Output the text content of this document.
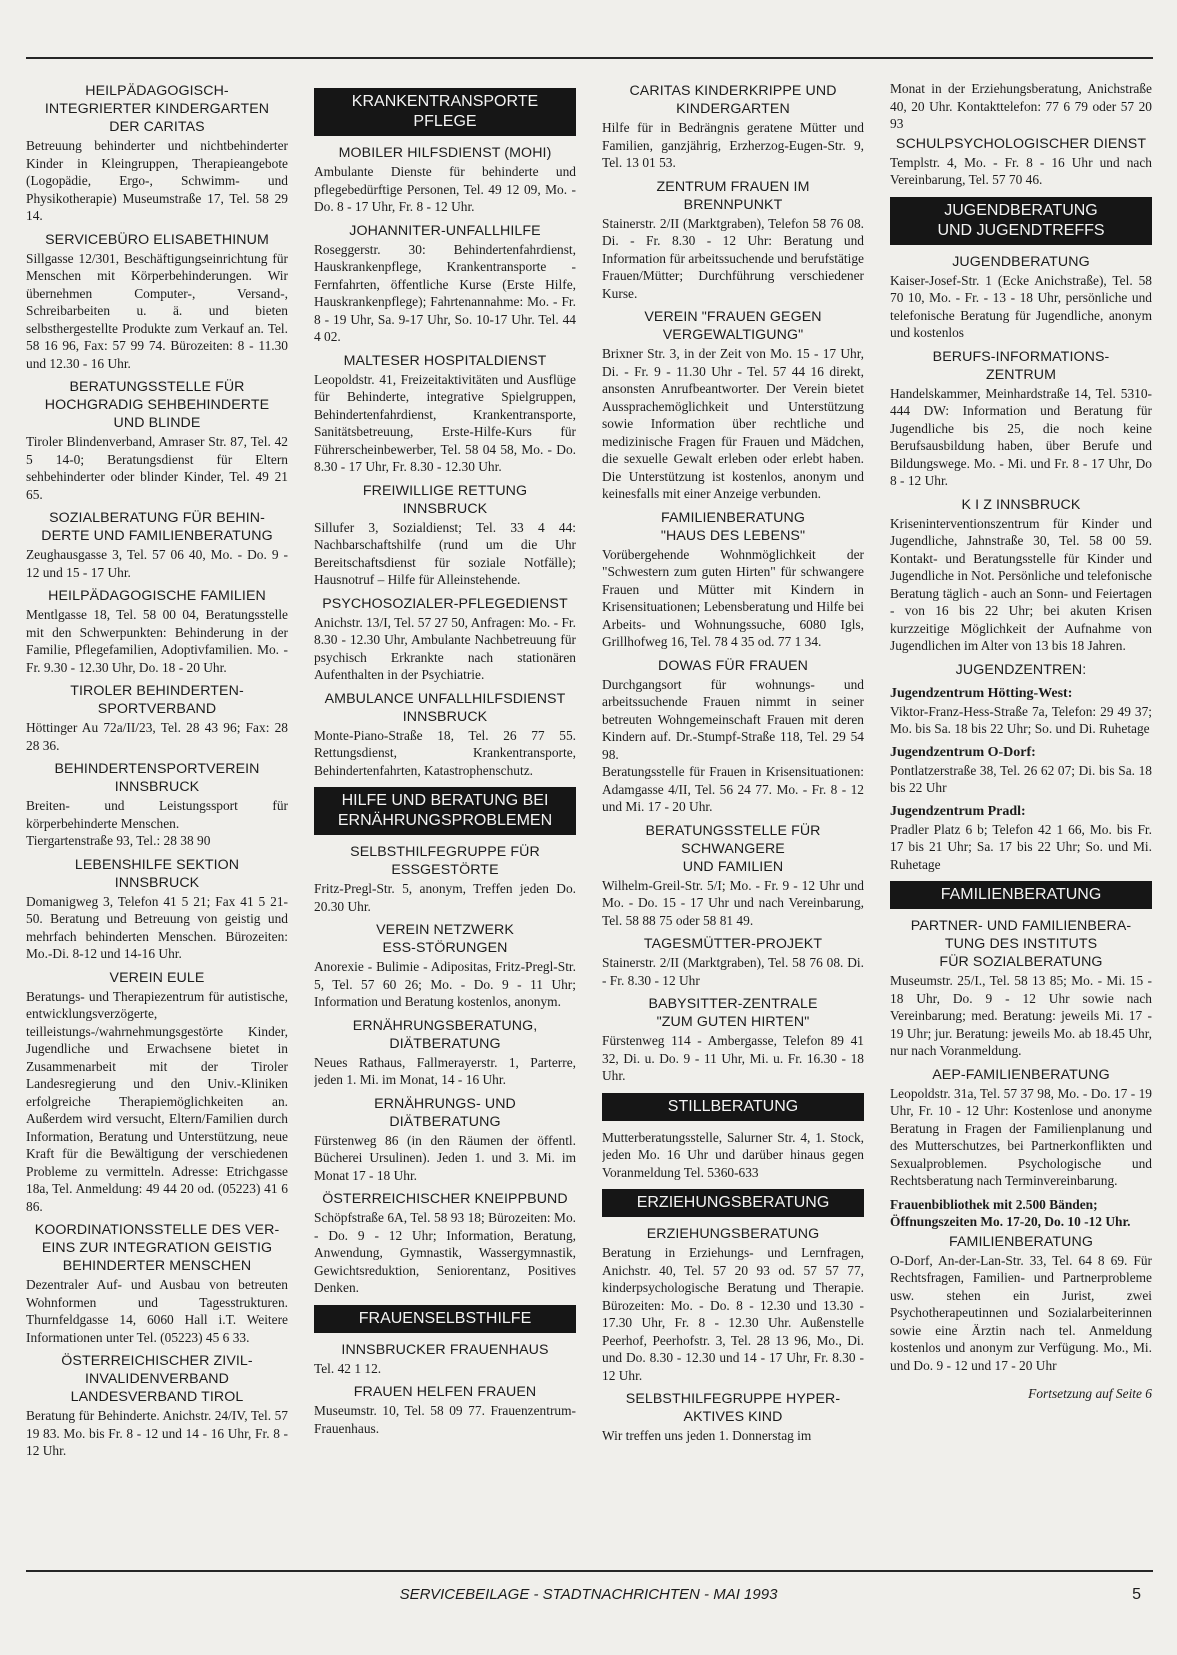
HEILPÄDAGOGISCH-
INTEGRIERTER KINDERGARTEN
DER CARITAS

Betreuung behinderter und nichtbehinderter Kinder in Kleingruppen, Therapieangebote (Logopädie, Ergo-, Schwimm- und Physikotherapie) Museumstraße 17, Tel. 58 29 14.

SERVICEBÜRO ELISABETHINUM

Sillgasse 12/301, Beschäftigungseinrichtung für Menschen mit Körperbehinderungen. Wir übernehmen Computer-, Versand-, Schreibarbeiten u. ä. und bieten selbsthergestellte Produkte zum Verkauf an. Tel. 58 16 96, Fax: 57 99 74. Bürozeiten: 8 - 11.30 und 12.30 - 16 Uhr.

BERATUNGSSTELLE FÜR
HOCHGRADIG SEHBEHINDERTE
UND BLINDE

Tiroler Blindenverband, Amraser Str. 87, Tel. 42 5 14-0; Beratungsdienst für Eltern sehbehinderter oder blinder Kinder, Tel. 49 21 65.

SOZIALBERATUNG FÜR BEHIN-
DERTE UND FAMILIENBERATUNG

Zeughausgasse 3, Tel. 57 06 40, Mo. - Do. 9 - 12 und 15 - 17 Uhr.

HEILPÄDAGOGISCHE FAMILIEN

Mentlgasse 18, Tel. 58 00 04, Beratungsstelle mit den Schwerpunkten: Behinderung in der Familie, Pflegefamilien, Adoptivfamilien. Mo. - Fr. 9.30 - 12.30 Uhr, Do. 18 - 20 Uhr.

TIROLER BEHINDERTEN-
SPORTVERBAND

Höttinger Au 72a/II/23, Tel. 28 43 96; Fax: 28 28 36.

BEHINDERTENSPORTVEREIN
INNSBRUCK

Breiten- und Leistungssport für körperbehinderte Menschen.
Tiergartenstraße 93, Tel.: 28 38 90

LEBENSHILFE SEKTION
INNSBRUCK

Domanigweg 3, Telefon 41 5 21; Fax 41 5 21-50. Beratung und Betreuung von geistig und mehrfach behinderten Menschen. Bürozeiten: Mo.-Di. 8-12 und 14-16 Uhr.

VEREIN EULE

Beratungs- und Therapiezentrum für autistische, entwicklungsverzögerte, teilleistungs-/wahrnehmungsgestörte Kinder, Jugendliche und Erwachsene bietet in Zusammenarbeit mit der Tiroler Landesregierung und den Univ.-Kliniken erfolgreiche Therapiemöglichkeiten an. Außerdem wird versucht, Eltern/Familien durch Information, Beratung und Unterstützung, neue Kraft für die Bewältigung der verschiedenen Probleme zu vermitteln. Adresse: Etrichgasse 18a, Tel. Anmeldung: 49 44 20 od. (05223) 41 6 86.

KOORDINATIONSSTELLE DES VER-
EINS ZUR INTEGRATION GEISTIG
BEHINDERTER MENSCHEN

Dezentraler Auf- und Ausbau von betreuten Wohnformen und Tagesstrukturen. Thurnfeldgasse 14, 6060 Hall i.T. Weitere Informationen unter Tel. (05223) 45 6 33.

ÖSTERREICHISCHER ZIVIL-
INVALIDENVERBAND
LANDESVERBAND TIROL

Beratung für Behinderte. Anichstr. 24/IV, Tel. 57 19 83. Mo. bis Fr. 8 - 12 und 14 - 16 Uhr, Fr. 8 - 12 Uhr.

KRANKENTRANSPORTE
PFLEGE
MOBILER HILFSDIENST (MOHI)

Ambulante Dienste für behinderte und pflegebedürftige Personen, Tel. 49 12 09, Mo. - Do. 8 - 17 Uhr, Fr. 8 - 12 Uhr.

JOHANNITER-UNFALLHILFE

Roseggerstr. 30: Behindertenfahrdienst, Hauskrankenpflege, Krankentransporte - Fernfahrten, öffentliche Kurse (Erste Hilfe, Hauskrankenpflege); Fahrtenannahme: Mo. - Fr. 8 - 19 Uhr, Sa. 9-17 Uhr, So. 10-17 Uhr. Tel. 44 4 02.

MALTESER HOSPITALDIENST

Leopoldstr. 41, Freizeitaktivitäten und Ausflüge für Behinderte, integrative Spielgruppen, Behindertenfahrdienst, Krankentransporte, Sanitätsbetreuung, Erste-Hilfe-Kurs für Führerscheinbewerber, Tel. 58 04 58, Mo. - Do. 8.30 - 17 Uhr, Fr. 8.30 - 12.30 Uhr.

FREIWILLIGE RETTUNG
INNSBRUCK

Sillufer 3, Sozialdienst; Tel. 33 4 44: Nachbarschaftshilfe (rund um die Uhr Bereitschaftsdienst für soziale Notfälle); Hausnotruf – Hilfe für Alleinstehende.

PSYCHOSOZIALER-PFLEGEDIENST

Anichstr. 13/I, Tel. 57 27 50, Anfragen: Mo. - Fr. 8.30 - 12.30 Uhr, Ambulante Nachbetreuung für psychisch Erkrankte nach stationären Aufenthalten in der Psychiatrie.

AMBULANCE UNFALLHILFSDIENST
INNSBRUCK

Monte-Piano-Straße 18, Tel. 26 77 55. Rettungsdienst, Krankentransporte, Behindertenfahrten, Katastrophenschutz.

HILFE UND BERATUNG BEI
ERNÄHRUNGSPROBLEMEN
SELBSTHILFEGRUPPE FÜR
ESSGESTÖRTE

Fritz-Pregl-Str. 5, anonym, Treffen jeden Do. 20.30 Uhr.

VEREIN NETZWERK
ESS-STÖRUNGEN

Anorexie - Bulimie - Adipositas, Fritz-Pregl-Str. 5, Tel. 57 60 26; Mo. - Do. 9 - 11 Uhr; Information und Beratung kostenlos, anonym.

ERNÄHRUNGSBERATUNG,
DIÄTBERATUNG

Neues Rathaus, Fallmerayerstr. 1, Parterre, jeden 1. Mi. im Monat, 14 - 16 Uhr.

ERNÄHRUNGS- UND
DIÄTBERATUNG

Fürstenweg 86 (in den Räumen der öffentl. Bücherei Ursulinen). Jeden 1. und 3. Mi. im Monat 17 - 18 Uhr.

ÖSTERREICHISCHER KNEIPPBUND

Schöpfstraße 6A, Tel. 58 93 18; Bürozeiten: Mo. - Do. 9 - 12 Uhr; Information, Beratung, Anwendung, Gymnastik, Wassergymnastik, Gewichtsreduktion, Seniorentanz, Positives Denken.

FRAUENSELBSTHILFE
INNSBRUCKER FRAUENHAUS

Tel. 42 1 12.

FRAUEN HELFEN FRAUEN

Museumstr. 10, Tel. 58 09 77. Frauenzentrum-Frauenhaus.

CARITAS KINDERKRIPPE UND
KINDERGARTEN

Hilfe für in Bedrängnis geratene Mütter und Familien, ganzjährig, Erzherzog-Eugen-Str. 9, Tel. 13 01 53.

ZENTRUM FRAUEN IM
BRENNPUNKT

Stainerstr. 2/II (Marktgraben), Telefon 58 76 08. Di. - Fr. 8.30 - 12 Uhr: Beratung und Information für arbeitssuchende und berufstätige Frauen/Mütter; Durchführung verschiedener Kurse.

VEREIN "FRAUEN GEGEN
VERGEWALTIGUNG"

Brixner Str. 3, in der Zeit von Mo. 15 - 17 Uhr, Di. - Fr. 9 - 11.30 Uhr - Tel. 57 44 16 direkt, ansonsten Anrufbeantworter. Der Verein bietet Aussprachemöglichkeit und Unterstützung sowie Information über rechtliche und medizinische Fragen für Frauen und Mädchen, die sexuelle Gewalt erleben oder erlebt haben. Die Unterstützung ist kostenlos, anonym und keinesfalls mit einer Anzeige verbunden.

FAMILIENBERATUNG
"HAUS DES LEBENS"

Vorübergehende Wohnmöglichkeit der "Schwestern zum guten Hirten" für schwangere Frauen und Mütter mit Kindern in Krisensituationen; Lebensberatung und Hilfe bei Arbeits- und Wohnungssuche, 6080 Igls, Grillhofweg 16, Tel. 78 4 35 od. 77 1 34.

DOWAS FÜR FRAUEN

Durchgangsort für wohnungs- und arbeitssuchende Frauen nimmt in seiner betreuten Wohngemeinschaft Frauen mit deren Kindern auf. Dr.-Stumpf-Straße 118, Tel. 29 54 98.
Beratungsstelle für Frauen in Krisensituationen: Adamgasse 4/II, Tel. 56 24 77. Mo. - Fr. 8 - 12 und Mi. 17 - 20 Uhr.

BERATUNGSSTELLE FÜR
SCHWANGERE
UND FAMILIEN

Wilhelm-Greil-Str. 5/I; Mo. - Fr. 9 - 12 Uhr und Mo. - Do. 15 - 17 Uhr und nach Vereinbarung, Tel. 58 88 75 oder 58 81 49.

TAGESMÜTTER-PROJEKT

Stainerstr. 2/II (Marktgraben), Tel. 58 76 08. Di. - Fr. 8.30 - 12 Uhr

BABYSITTER-ZENTRALE
"ZUM GUTEN HIRTEN"

Fürstenweg 114 - Ambergasse, Telefon 89 41 32, Di. u. Do. 9 - 11 Uhr, Mi. u. Fr. 16.30 - 18 Uhr.

STILLBERATUNG

Mutterberatungsstelle, Salurner Str. 4, 1. Stock, jeden Mo. 16 Uhr und darüber hinaus gegen Voranmeldung Tel. 5360-633

ERZIEHUNGSBERATUNG
ERZIEHUNGSBERATUNG

Beratung in Erziehungs- und Lernfragen, Anichstr. 40, Tel. 57 20 93 od. 57 57 77, kinderpsychologische Beratung und Therapie. Bürozeiten: Mo. - Do. 8 - 12.30 und 13.30 - 17.30 Uhr, Fr. 8 - 12.30 Uhr. Außenstelle Peerhof, Peerhofstr. 3, Tel. 28 13 96, Mo., Di. und Do. 8.30 - 12.30 und 14 - 17 Uhr, Fr. 8.30 - 12 Uhr.

SELBSTHILFEGRUPPE HYPER-
AKTIVES KIND

Wir treffen uns jeden 1. Donnerstag im

Monat in der Erziehungsberatung, Anichstraße 40, 20 Uhr. Kontakttelefon: 77 6 79 oder 57 20 93

SCHULPSYCHOLOGISCHER DIENST

Templstr. 4, Mo. - Fr. 8 - 16 Uhr und nach Vereinbarung, Tel. 57 70 46.

JUGENDBERATUNG
UND JUGENDTREFFS
JUGENDBERATUNG

Kaiser-Josef-Str. 1 (Ecke Anichstraße), Tel. 58 70 10, Mo. - Fr. - 13 - 18 Uhr, persönliche und telefonische Beratung für Jugendliche, anonym und kostenlos

BERUFS-INFORMATIONS-
ZENTRUM

Handelskammer, Meinhardstraße 14, Tel. 5310-444 DW: Information und Beratung für Jugendliche bis 25, die noch keine Berufsausbildung haben, über Berufe und Bildungswege. Mo. - Mi. und Fr. 8 - 17 Uhr, Do 8 - 12 Uhr.

K I Z INNSBRUCK

Kriseninterventionszentrum für Kinder und Jugendliche, Jahnstraße 30, Tel. 58 00 59. Kontakt- und Beratungsstelle für Kinder und Jugendliche in Not. Persönliche und telefonische Beratung täglich - auch an Sonn- und Feiertagen - von 16 bis 22 Uhr; bei akuten Krisen kurzzeitige Möglichkeit der Aufnahme von Jugendlichen im Alter von 13 bis 18 Jahren.

JUGENDZENTREN:

Jugendzentrum Hötting-West:

Viktor-Franz-Hess-Straße 7a, Telefon: 29 49 37; Mo. bis Sa. 18 bis 22 Uhr; So. und Di. Ruhetage

Jugendzentrum O-Dorf:

Pontlatzerstraße 38, Tel. 26 62 07; Di. bis Sa. 18 bis 22 Uhr

Jugendzentrum Pradl:

Pradler Platz 6 b; Telefon 42 1 66, Mo. bis Fr. 17 bis 21 Uhr; Sa. 17 bis 22 Uhr; So. und Mi. Ruhetage

FAMILIENBERATUNG
PARTNER- UND FAMILIENBERA-
TUNG DES INSTITUTS
FÜR SOZIALBERATUNG

Museumstr. 25/I., Tel. 58 13 85; Mo. - Mi. 15 - 18 Uhr, Do. 9 - 12 Uhr sowie nach Vereinbarung; med. Beratung: jeweils Mi. 17 - 19 Uhr; jur. Beratung: jeweils Mo. ab 18.45 Uhr, nur nach Voranmeldung.

AEP-FAMILIENBERATUNG

Leopoldstr. 31a, Tel. 57 37 98, Mo. - Do. 17 - 19 Uhr, Fr. 10 - 12 Uhr: Kostenlose und anonyme Beratung in Fragen der Familienplanung und des Mutterschutzes, bei Partnerkonflikten und Sexualproblemen. Psychologische und Rechtsberatung nach Terminvereinbarung.

Frauenbibliothek mit 2.500 Bänden; Öffnungszeiten Mo. 17-20, Do. 10 -12 Uhr.

FAMILIENBERATUNG

O-Dorf, An-der-Lan-Str. 33, Tel. 64 8 69. Für Rechtsfragen, Familien- und Partnerprobleme usw. stehen ein Jurist, zwei Psychotherapeutinnen und Sozialarbeiterinnen sowie eine Ärztin nach tel. Anmeldung kostenlos und anonym zur Verfügung. Mo., Mi. und Do. 9 - 12 und 17 - 20 Uhr

Fortsetzung auf Seite 6
SERVICEBEILAGE - STADTNACHRICHTEN - MAI 1993	5
